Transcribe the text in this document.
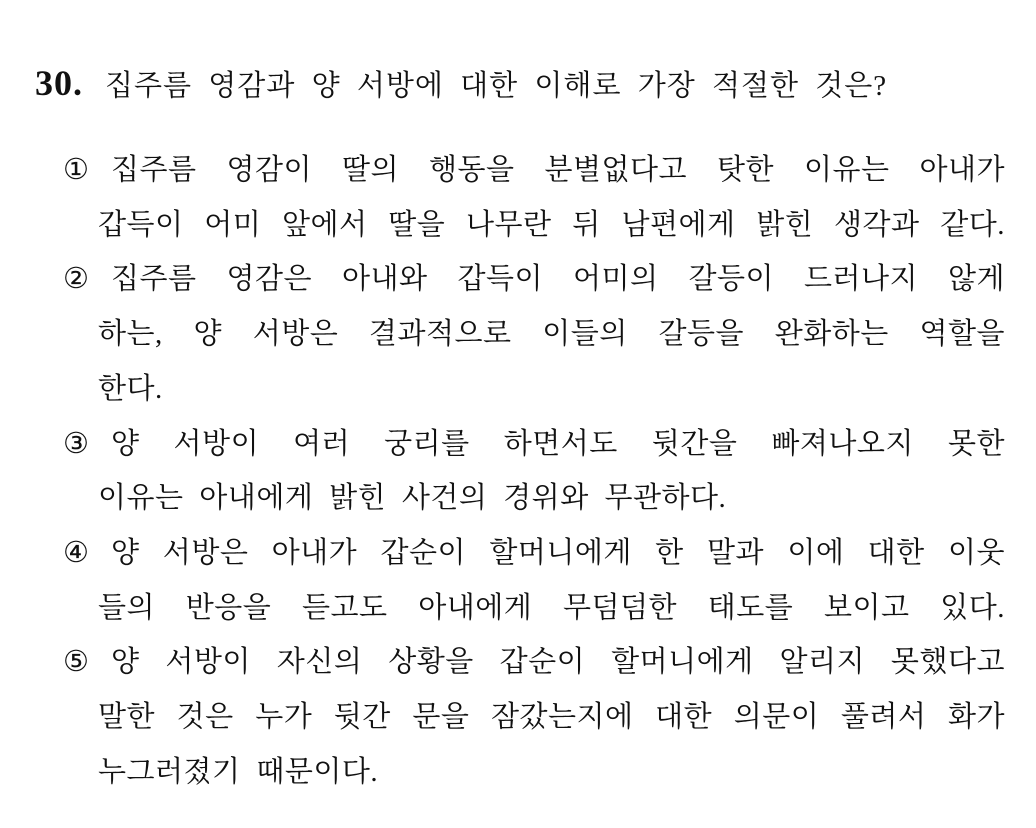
30. 집주름 영감과 양 서방에 대한 이해로 가장 적절한 것은?
① 집주름 영감이 딸의 행동을 분별없다고 탓한 이유는 아내가
갑득이 어미 앞에서 딸을 나무란 뒤 남편에게 밝힌 생각과 같다.
② 집주름 영감은 아내와 갑득이 어미의 갈등이 드러나지 않게
하는, 양 서방은 결과적으로 이들의 갈등을 완화하는 역할을
한다.
③ 양 서방이 여러 궁리를 하면서도 뒷간을 빠져나오지 못한
이유는 아내에게 밝힌 사건의 경위와 무관하다.
④ 양 서방은 아내가 갑순이 할머니에게 한 말과 이에 대한 이웃
들의 반응을 듣고도 아내에게 무덤덤한 태도를 보이고 있다.
⑤ 양 서방이 자신의 상황을 갑순이 할머니에게 알리지 못했다고
말한 것은 누가 뒷간 문을 잠갔는지에 대한 의문이 풀려서 화가
누그러졌기 때문이다.
